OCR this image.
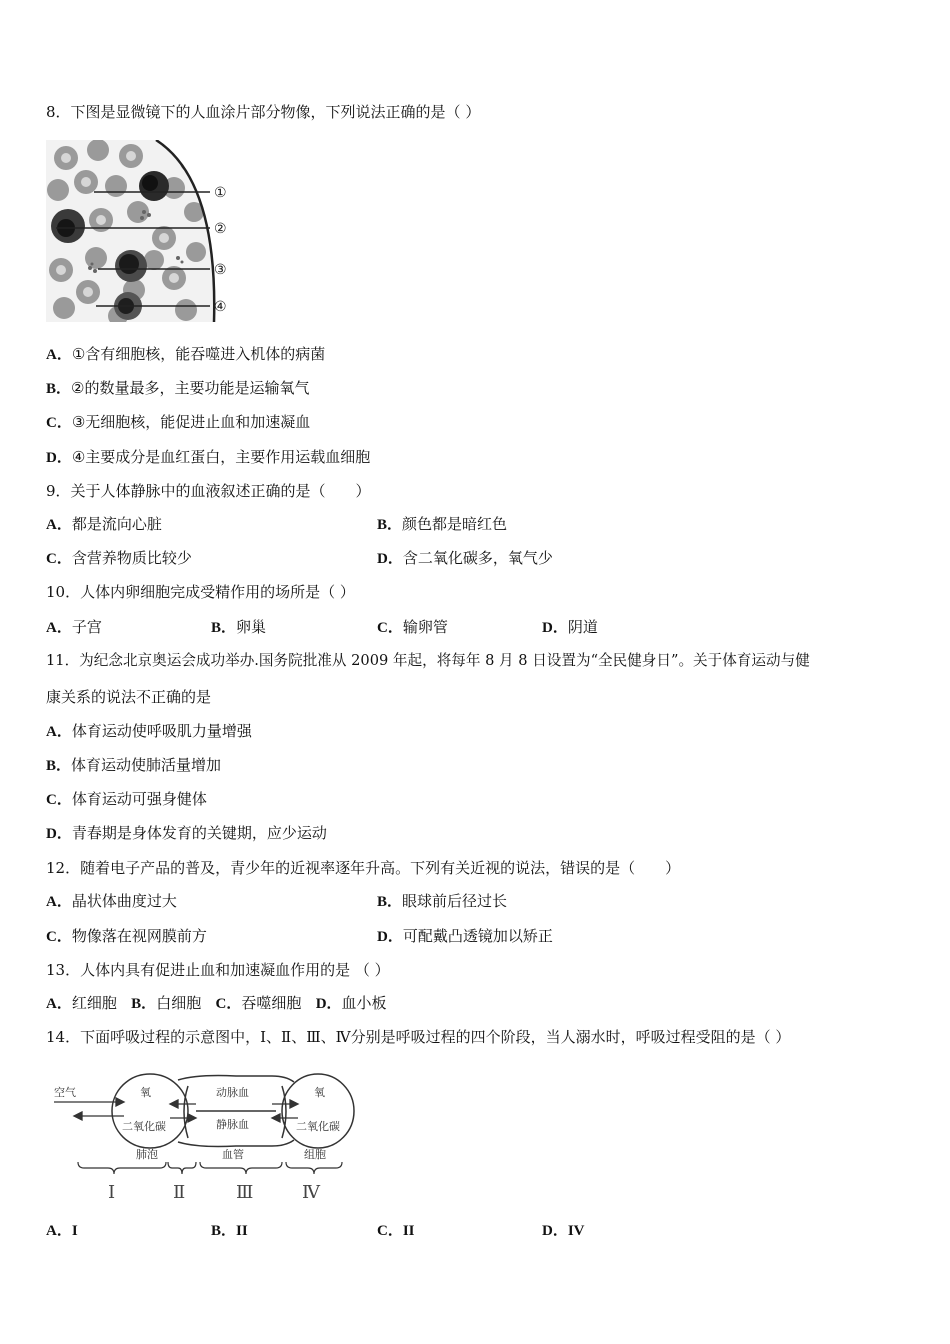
8．下图是显微镜下的人血涂片部分物像，下列说法正确的是（ ）
①
②
③
④
A．①含有细胞核，能吞噬进入机体的病菌
B．②的数量最多，主要功能是运输氧气
C．③无细胞核，能促进止血和加速凝血
D．④主要成分是血红蛋白，主要作用运载血细胞
9．关于人体静脉中的血液叙述正确的是（　　）
A．都是流向心脏	B．颜色都是暗红色
C．含营养物质比较少	D．含二氧化碳多，氧气少
10．人体内卵细胞完成受精作用的场所是（ ）
A．子宫	B．卵巢	C．输卵管	D．阴道
11．为纪念北京奥运会成功举办.国务院批准从 2009 年起，将每年 8 月 8 日设置为“全民健身日”。关于体育运动与健
康关系的说法不正确的是
A．体育运动使呼吸肌力量增强
B．体育运动使肺活量增加
C．体育运动可强身健体
D．青春期是身体发育的关键期，应少运动
12．随着电子产品的普及，青少年的近视率逐年升高。下列有关近视的说法，错误的是（　　）
A．晶状体曲度过大	B．眼球前后径过长
C．物像落在视网膜前方	D．可配戴凸透镜加以矫正
13．人体内具有促进止血和加速凝血作用的是 （ ）
A．红细胞 B．白细胞 C．吞噬细胞 D．血小板
14．下面呼吸过程的示意图中，Ⅰ、Ⅱ、Ⅲ、Ⅳ分别是呼吸过程的四个阶段，当人溺水时，呼吸过程受阻的是（ ）
空气	氧
二氧化碳
动脉血
静脉血
氧
二氧化碳
肺泡	血管	组胞
Ⅰ	Ⅱ	Ⅲ	Ⅳ
A．I	B．II	C．II	D．IV
